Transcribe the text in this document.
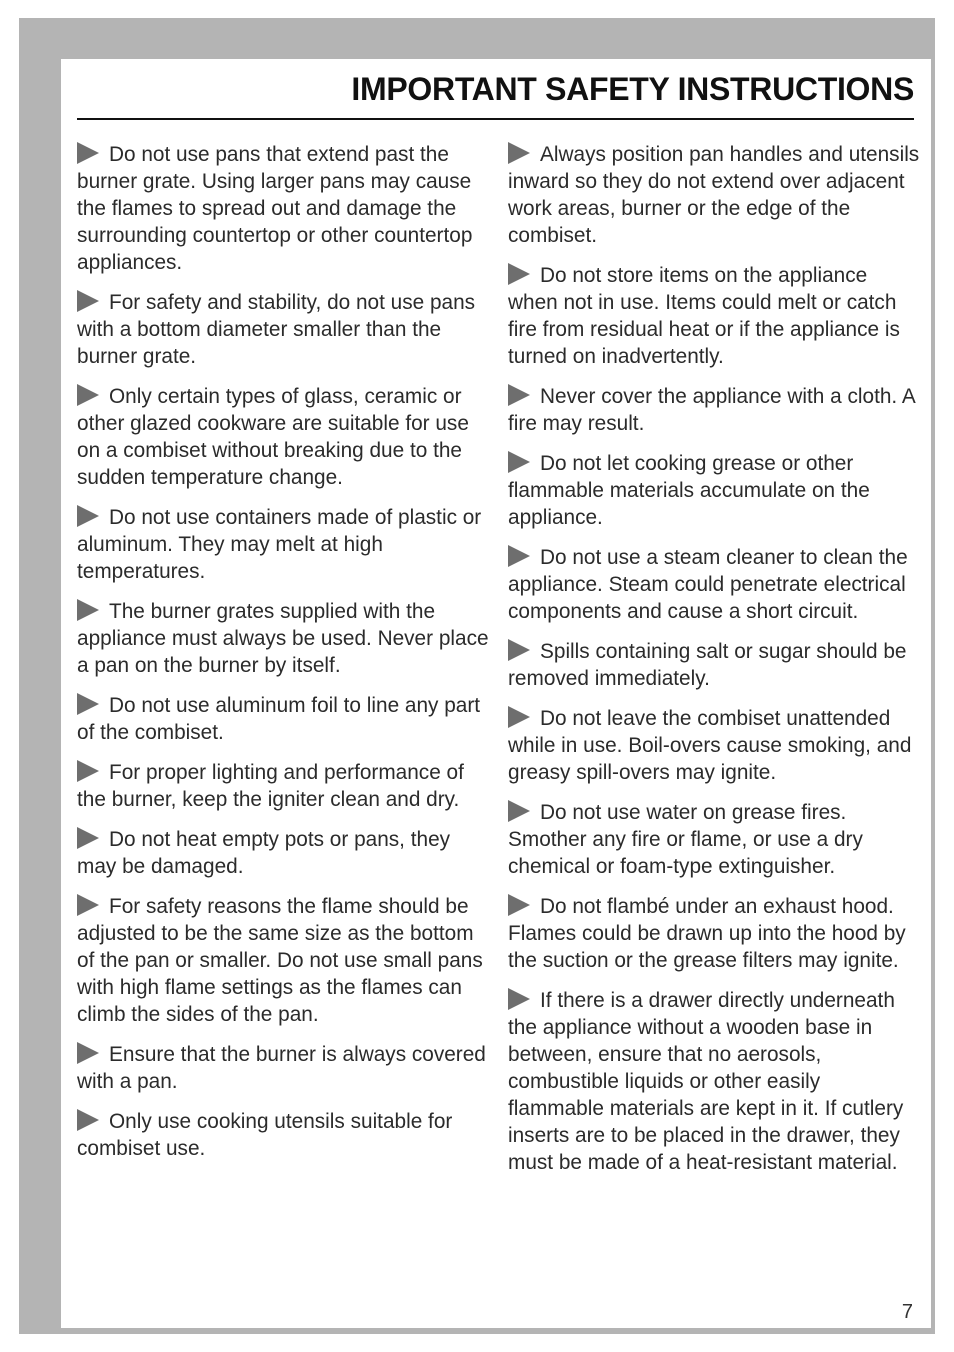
IMPORTANT SAFETY INSTRUCTIONS

Do not use pans that extend past the burner grate. Using larger pans may cause the flames to spread out and damage the surrounding countertop or other countertop appliances.

For safety and stability, do not use pans with a bottom diameter smaller than the burner grate.

Only certain types of glass, ceramic or other glazed cookware are suitable for use on a combiset without breaking due to the sudden temperature change.

Do not use containers made of plastic or aluminum. They may melt at high temperatures.

The burner grates supplied with the appliance must always be used. Never place a pan on the burner by itself.

Do not use aluminum foil to line any part of the combiset.

For proper lighting and performance of the burner, keep the igniter clean and dry.

Do not heat empty pots or pans, they may be damaged.

For safety reasons the flame should be adjusted to be the same size as the bottom of the pan or smaller. Do not use small pans with high flame settings as the flames can climb the sides of the pan.

Ensure that the burner is always covered with a pan.

Only use cooking utensils suitable for combiset use.

Always position pan handles and utensils inward so they do not extend over adjacent work areas, burner or the edge of the combiset.

Do not store items on the appliance when not in use. Items could melt or catch fire from residual heat or if the appliance is turned on inadvertently.

Never cover the appliance with a cloth. A fire may result.

Do not let cooking grease or other flammable materials accumulate on the appliance.

Do not use a steam cleaner to clean the appliance. Steam could penetrate electrical components and cause a short circuit.

Spills containing salt or sugar should be removed immediately.

Do not leave the combiset unattended while in use. Boil-overs cause smoking, and greasy spill-overs may ignite.

Do not use water on grease fires. Smother any fire or flame, or use a dry chemical or foam-type extinguisher.

Do not flambé under an exhaust hood. Flames could be drawn up into the hood by the suction or the grease filters may ignite.

If there is a drawer directly underneath the appliance without a wooden base in between, ensure that no aerosols, combustible liquids or other easily flammable materials are kept in it. If cutlery inserts are to be placed in the drawer, they must be made of a heat-resistant material.

7
